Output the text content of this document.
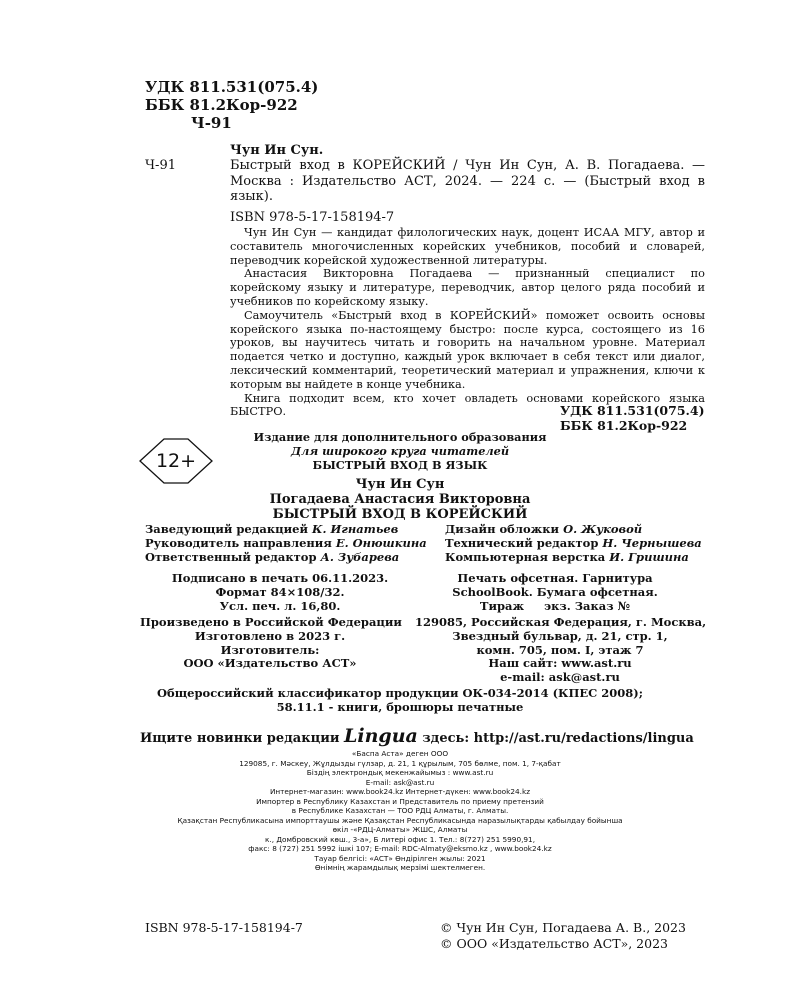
УДК 811.531(075.4)
ББК 81.2Кор-922
Ч-91
Чун Ин Сун.
Ч-91	Быстрый вход в КОРЕЙСКИЙ / Чун Ин Сун, А. В. Погадаева. — Москва : Издательство АСТ, 2024. — 224 с. — (Быстрый вход в язык).
ISBN 978-5-17-158194-7

Чун Ин Сун — кандидат филологических наук, доцент ИСАА МГУ, автор и составитель многочисленных корейских учебников, пособий и словарей, переводчик корейской художественной литературы.

Анастасия Викторовна Погадаева — признанный специалист по корейскому языку и литературе, переводчик, автор целого ряда пособий и учебников по корейскому языку.

Самоучитель «Быстрый вход в КОРЕЙСКИЙ» поможет освоить основы корейского языка по-настоящему быстро: после курса, состоящего из 16 уроков, вы научитесь читать и говорить на начальном уровне. Материал подается четко и доступно, каждый урок включает в себя текст или диалог, лексический комментарий, теоретический материал и упражнения, ключи к которым вы найдете в конце учебника.

Книга подходит всем, кто хочет овладеть основами корейского языка БЫСТРО.	УДК 811.531(075.4)
ББК 81.2Кор-922
12+
Издание для дополнительного образования
Для широкого круга читателей
БЫСТРЫЙ ВХОД В ЯЗЫК
Чун Ин Сун
Погадаева Анастасия Викторовна
БЫСТРЫЙ ВХОД В КОРЕЙСКИЙ
Заведующий редакцией К. Игнатьев
Руководитель направления Е. Онюшкина
Ответственный редактор А. Зубарева
Дизайн обложки О. Жуковой
Технический редактор Н. Чернышева
Компьютерная верстка И. Гришина
Подписано в печать 06.11.2023.
Формат 84×108/32.
Усл. печ. л. 16,80.
Печать офсетная. Гарнитура
SchoolBook. Бумага офсетная.
Тираж     экз. Заказ №
Произведено в Российской Федерации
Изготовлено в 2023 г.
Изготовитель:
ООО «Издательство АСТ»
129085, Российская Федерация, г. Москва,
Звездный бульвар, д. 21, стр. 1,
комн. 705, пом. I, этаж 7
Наш сайт: www.ast.ru
e-mail: ask@ast.ru
Общероссийский классификатор продукции ОК-034-2014 (КПЕС 2008);
58.11.1 - книги, брошюры печатные
Ищите новинки редакции Lingua здесь: http://ast.ru/redactions/lingua
«Баспа Аста» деген ООО
129085, г. Мәскеу, Жұлдызды гүлзар, д. 21, 1 құрылым, 705 бөлме, пом. 1, 7-қабат
Біздің электрондық мекенжайымыз : www.ast.ru
E-mail: ask@ast.ru
Интернет-магазин: www.book24.kz Интернет-дүкен: www.book24.kz
Импортер в Республику Казахстан и Представитель по приему претензий
в Республике Казахстан — ТОО РДЦ Алматы, г. Алматы.
Қазақстан Республикасына импорттаушы және Қазақстан Республикасында наразылықтарды қабылдау бойынша
өкіл -«РДЦ-Алматы» ЖШС, Алматы
к., Домбровский көш., 3-а», Б литері офис 1. Тел.: 8(727) 251 5990,91,
факс: 8 (727) 251 5992 ішкі 107; E-mail: RDC-Almaty@eksmo.kz , www.book24.kz
Тауар белгісі: «АСТ» Өндірілген жылы: 2021
Өнімнің жарамдылық мерзімі шектелмеген.
ISBN 978-5-17-158194-7	© Чун Ин Сун, Погадаева А. В., 2023
© ООО «Издательство АСТ», 2023
